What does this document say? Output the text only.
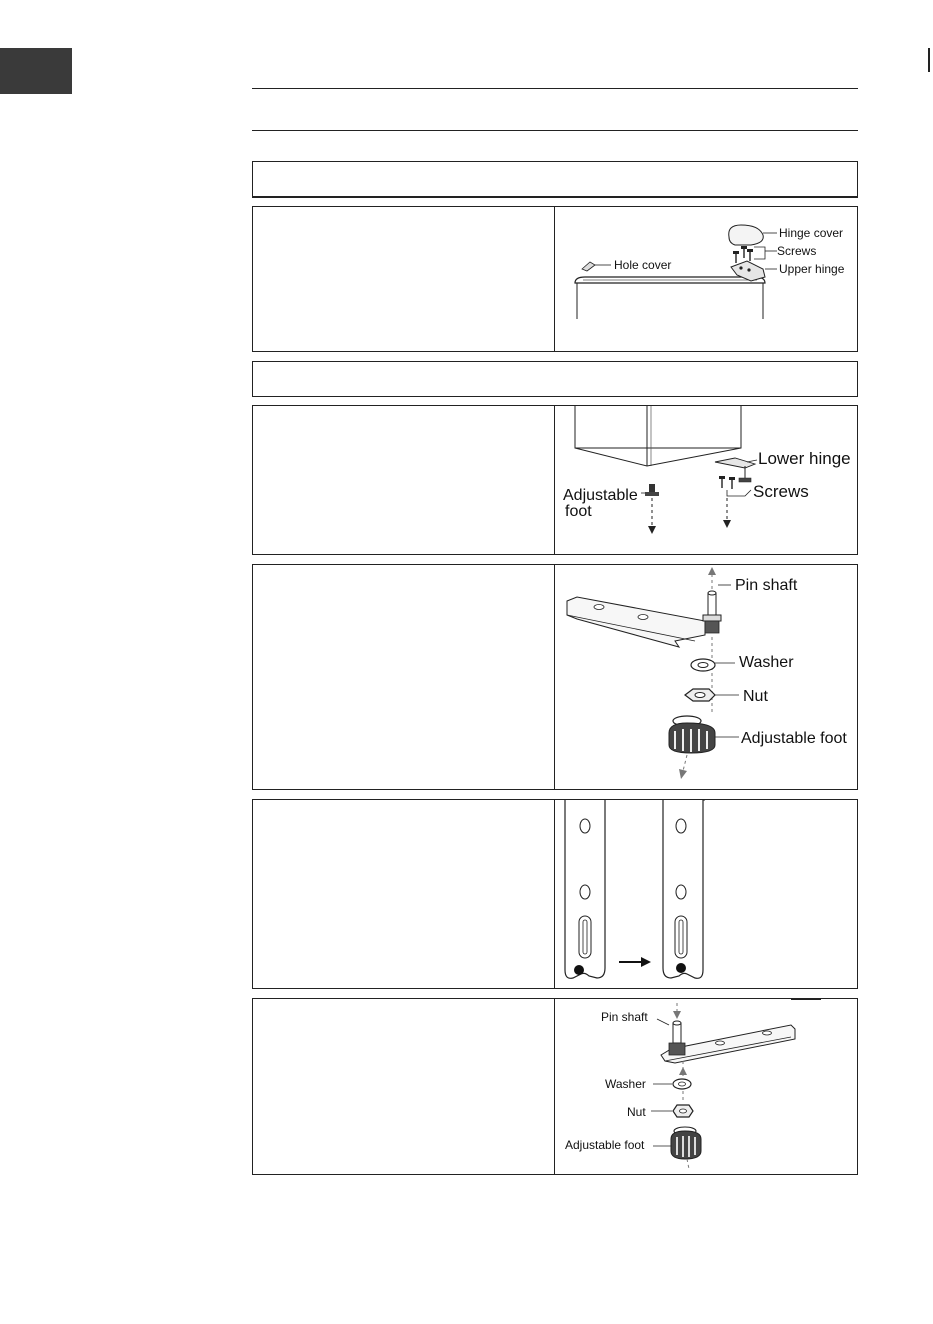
Hole cover
Hinge cover
Screws
Upper hinge
Lower hinge
Adjustable
foot
Screws
Pin shaft
Washer
Nut
Adjustable foot
Pin shaft
Washer
Nut
Adjustable foot
